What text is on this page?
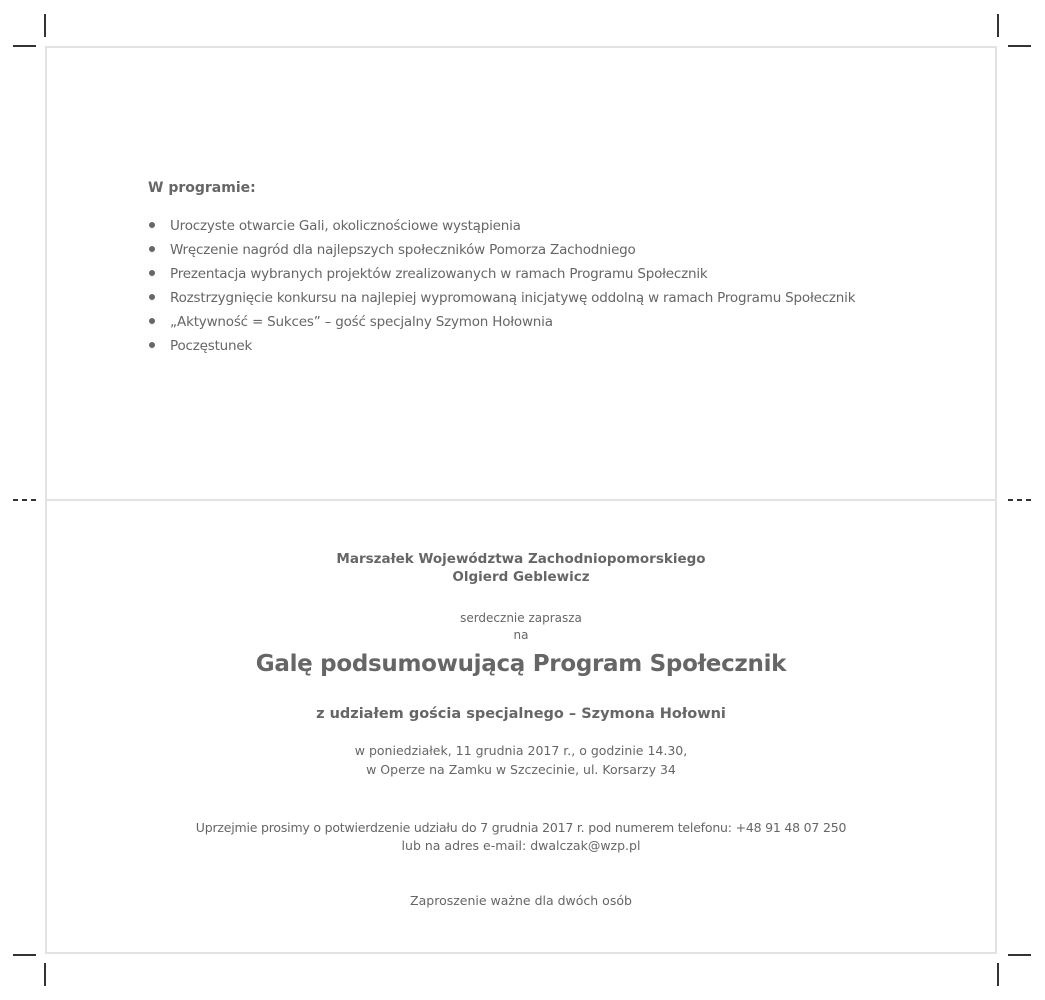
W programie:
Uroczyste otwarcie Gali, okolicznościowe wystąpienia
Wręczenie nagród dla najlepszych społeczników Pomorza Zachodniego
Prezentacja wybranych projektów zrealizowanych w ramach Programu Społecznik
Rozstrzygnięcie konkursu na najlepiej wypromowaną inicjatywę oddolną w ramach Programu Społecznik
„Aktywność = Sukces” – gość specjalny Szymon Hołownia
Poczęstunek
Marszałek Województwa Zachodniopomorskiego
Olgierd Geblewicz
serdecznie zaprasza
na
Galę podsumowującą Program Społecznik
z udziałem gościa specjalnego – Szymona Hołowni
w poniedziałek, 11 grudnia 2017 r., o godzinie 14.30,
w Operze na Zamku w Szczecinie, ul. Korsarzy 34
Uprzejmie prosimy o potwierdzenie udziału do 7 grudnia 2017 r. pod numerem telefonu: +48 91 48 07 250
lub na adres e-mail: dwalczak@wzp.pl
Zaproszenie ważne dla dwóch osób
